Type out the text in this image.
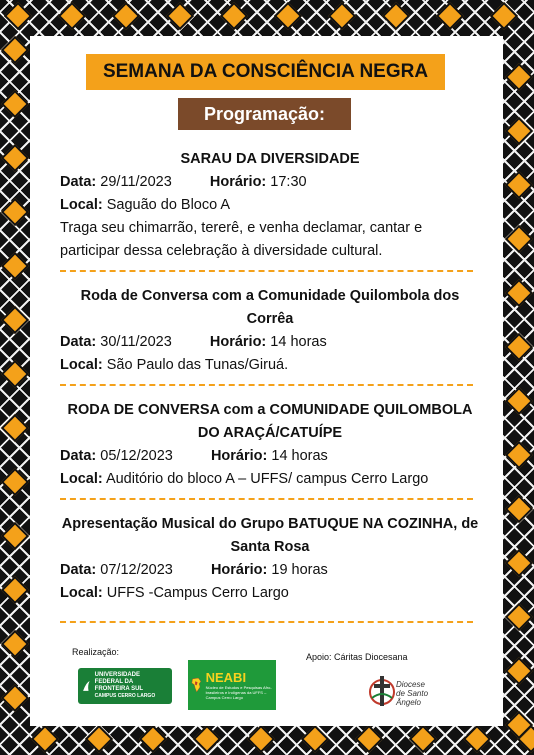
SEMANA DA CONSCIÊNCIA NEGRA
Programação:
SARAU DA DIVERSIDADE
Data: 29/11/2023	Horário: 17:30
Local: Saguão do Bloco A
Traga seu chimarrão, tererê, e venha declamar, cantar e participar dessa celebração à diversidade cultural.
Roda de Conversa com a Comunidade Quilombola dos Corrêa
Data: 30/11/2023	Horário: 14 horas
Local: São Paulo das Tunas/Giruá.
RODA DE CONVERSA com a COMUNIDADE QUILOMBOLA DO ARAÇÁ/CATUÍPE
Data: 05/12/2023	Horário: 14 horas
Local: Auditório do bloco A – UFFS/ campus Cerro Largo
Apresentação Musical do Grupo BATUQUE NA COZINHA, de Santa Rosa
Data: 07/12/2023	Horário: 19 horas
Local: UFFS -Campus Cerro Largo
Realização:	Apoio: Cáritas Diocesana
UNIVERSIDADE FEDERAL DA FRONTEIRA SUL
CAMPUS CERRO LARGO
NEABI
Núcleo de Estudos e Pesquisas Afro-brasileiros e Indígenas da UFFS – Campus Cerro Largo
Diocese
de Santo Ângelo
